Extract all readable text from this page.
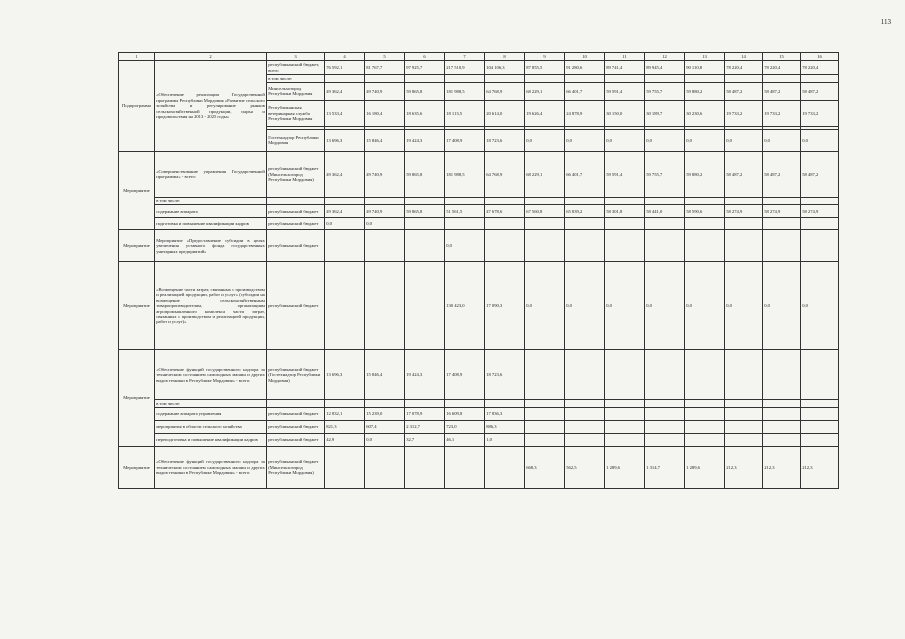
113
1	2	3	4	5	6	7	8	9	10	11	12	13	14	15	16
Подпрограмма	«Обеспечение реализации Государственной программы Республики Мордовия «Развитие сельского хозяйства и регулирование рынков сельскохозяйственной продукции, сырья и продовольствия на 2013 - 2025 годы»	республиканский бюджет, всего	76 592,1	81 767,7	97 925,7	217 510,9	104 106,3	87 855,5	91 280,6	89 741,4	89 945,4	90 110,8	78 220,4	78 220,4	78 220,4
		в том числе:													
		Минсельхозпрод Республики Мордовия	49 362,4	49 740,9	59 865,8	181 988,5	64 768,9	68 229,1	66 401,7	59 591,4	59 755,7	59 880,2	58 487,2	58 487,2	58 487,2
		Республиканская ветеринарная служба Республики Мордовия	13 533,4	16 180,4	18 635,6	18 113,5	20 614,0	19 626,4	24 878,9	30 150,0	30 189,7	30 230,6	19 733,2	19 733,2	19 733,2

		Гостехнадзор Республики Мордовия	13 696,3	15 846,4	19 424,3	17 408,9	18 723,6	0,0	0,0	0,0	0,0	0,0	0,0	0,0	0,0
Мероприятие	«Совершенствование управления Государственной программы» - всего:	республиканский бюджет (Минсельхозпрод Республики Мордовия)	49 362,4	49 740,9	59 865,8	181 988,5	64 768,9	68 229,1	66 401,7	59 591,4	59 755,7	59 880,2	58 487,2	58 487,2	58 487,2
	в том числе:														
	содержание аппарата	республиканский бюджет	49 362,4	49 740,9	59 865,8	51 561,5	47 678,6	67 560,8	65 839,2	58 301,8	58 441,0	58 590,6	58 274,9	58 274,9	58 274,9
	подготовка и повышение квалификации кадров	республиканский бюджет	0,0	0,0											
Мероприятие	Мероприятие «Предоставление субсидии в целях увеличения уставного фонда государственных унитарных предприятий»	республиканский бюджет				0,0									
Мероприятие	«Возмещение части затрат, связанных с производством и реализацией продукции, работ и услуг» (субсидии на возмещение сельскохозяйственным товаропроизводителям, организациям агропромышленного комплекса части затрат, связанных с производством и реализацией продукции, работ и услуг)»	республиканский бюджет				130 423,0	17 090,3	0,0	0,0	0,0	0,0	0,0	0,0	0,0	0,0
Мероприятие	«Обеспечение функций государственного надзора за техническим состоянием самоходных машин и других видов техники в Республике Мордовия» - всего:	республиканский бюджет (Гостехнадзор Республики Мордовия)	13 696,3	15 846,4	19 424,3	17 408,9	18 723,6								
	в том числе:														
	содержание аппарата управления	республиканский бюджет	12 832,1	15 239,0	17 078,9	16 609,8	17 836,3								
	мероприятия в области сельского хозяйства	республиканский бюджет	821,3	607,4	2 312,7	723,0	886,3								
	переподготовка и повышение квалификации кадров	республиканский бюджет	42,9	0,0	32,7	46,1	1,0								
Мероприятие	«Обеспечение функций государственного надзора за техническим состоянием самоходных машин и других видов техники в Республике Мордовия» - всего:	республиканский бюджет (Минсельхозпрод Республики Мордовия)						668,3	562,5	1 289,6	1 314,7	1 289,6	212,3	212,3	212,3
